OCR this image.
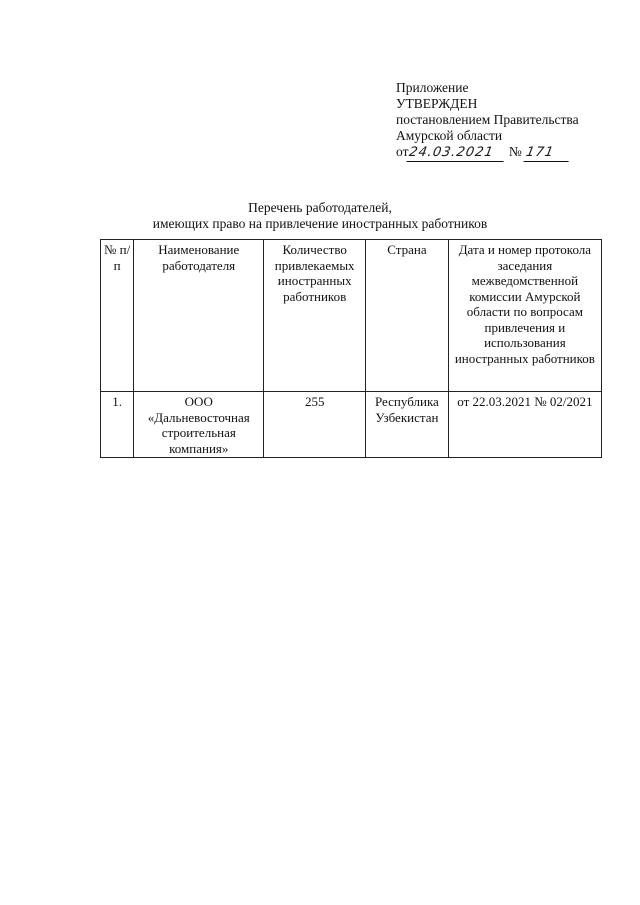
Приложение
УТВЕРЖДЕН
постановлением Правительства
Амурской области
от24.03.2021 № 171
Перечень работодателей,
имеющих право на привлечение иностранных работников
№ п/п	Наименование работодателя	Количество привлекаемых иностранных работников	Страна	Дата и номер протокола заседания межведомственной комиссии Амурской области по вопросам привлечения и использования иностранных работников
1.	ООО «Дальневосточная строительная компания»	255	Республика Узбекистан	от 22.03.2021 № 02/2021
